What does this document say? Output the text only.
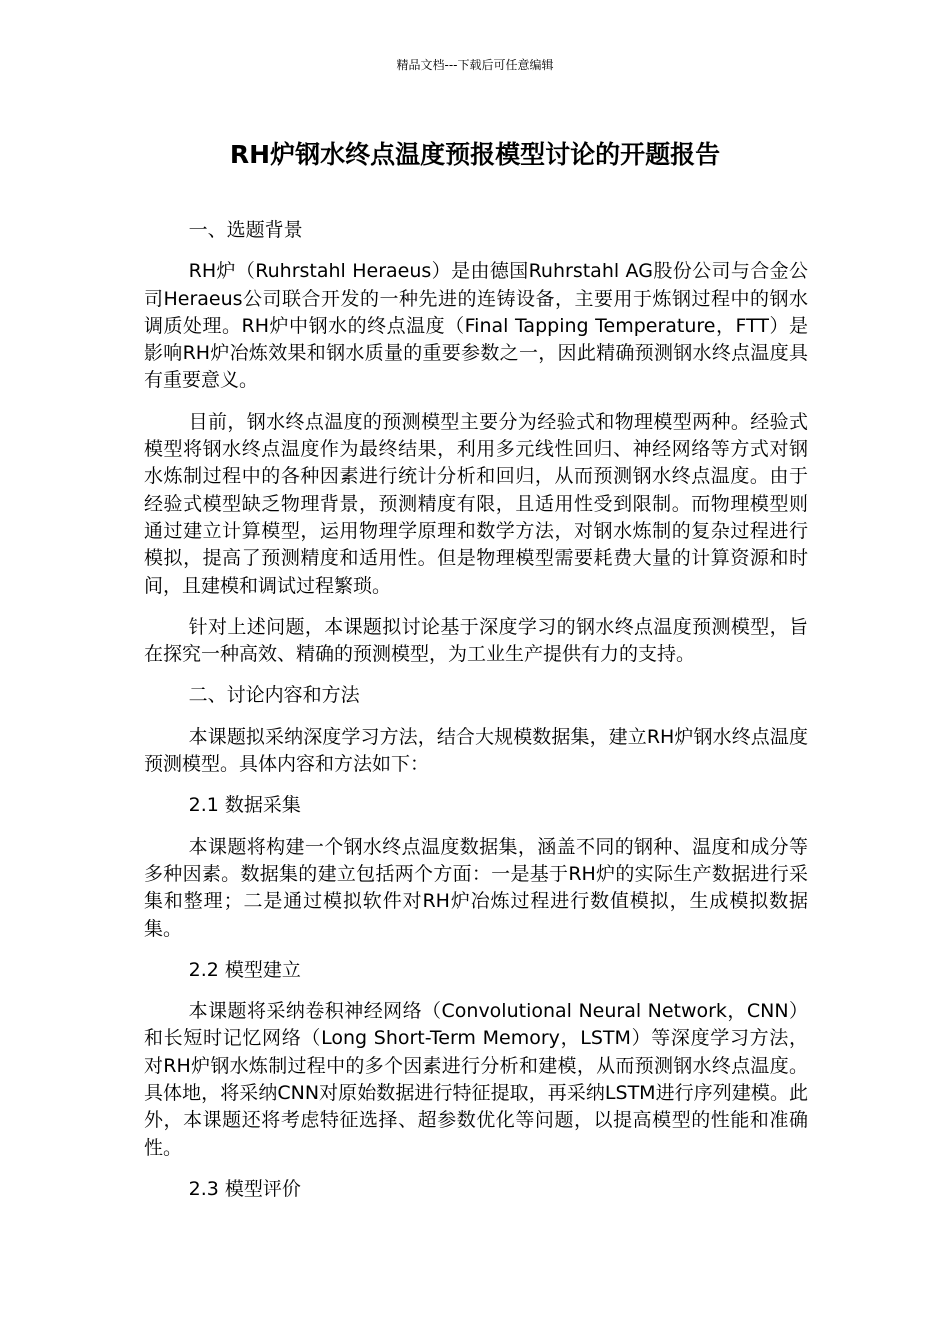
精品文档---下载后可任意编辑
RH炉钢水终点温度预报模型讨论的开题报告

一、选题背景

RH炉（Ruhrstahl Heraeus）是由德国Ruhrstahl AG股份公司与合金公司Heraeus公司联合开发的一种先进的连铸设备，主要用于炼钢过程中的钢水调质处理。RH炉中钢水的终点温度（Final Tapping Temperature，FTT）是影响RH炉冶炼效果和钢水质量的重要参数之一，因此精确预测钢水终点温度具有重要意义。

目前，钢水终点温度的预测模型主要分为经验式和物理模型两种。经验式模型将钢水终点温度作为最终结果，利用多元线性回归、神经网络等方式对钢水炼制过程中的各种因素进行统计分析和回归，从而预测钢水终点温度。由于经验式模型缺乏物理背景，预测精度有限，且适用性受到限制。而物理模型则通过建立计算模型，运用物理学原理和数学方法，对钢水炼制的复杂过程进行模拟，提高了预测精度和适用性。但是物理模型需要耗费大量的计算资源和时间，且建模和调试过程繁琐。

针对上述问题，本课题拟讨论基于深度学习的钢水终点温度预测模型，旨在探究一种高效、精确的预测模型，为工业生产提供有力的支持。

二、讨论内容和方法

本课题拟采纳深度学习方法，结合大规模数据集，建立RH炉钢水终点温度预测模型。具体内容和方法如下：

2.1 数据采集

本课题将构建一个钢水终点温度数据集，涵盖不同的钢种、温度和成分等多种因素。数据集的建立包括两个方面：一是基于RH炉的实际生产数据进行采集和整理；二是通过模拟软件对RH炉冶炼过程进行数值模拟，生成模拟数据集。

2.2 模型建立

本课题将采纳卷积神经网络（Convolutional Neural Network，CNN）和长短时记忆网络（Long Short-Term Memory，LSTM）等深度学习方法，对RH炉钢水炼制过程中的多个因素进行分析和建模，从而预测钢水终点温度。具体地，将采纳CNN对原始数据进行特征提取，再采纳LSTM进行序列建模。此外，本课题还将考虑特征选择、超参数优化等问题，以提高模型的性能和准确性。

2.3 模型评价
